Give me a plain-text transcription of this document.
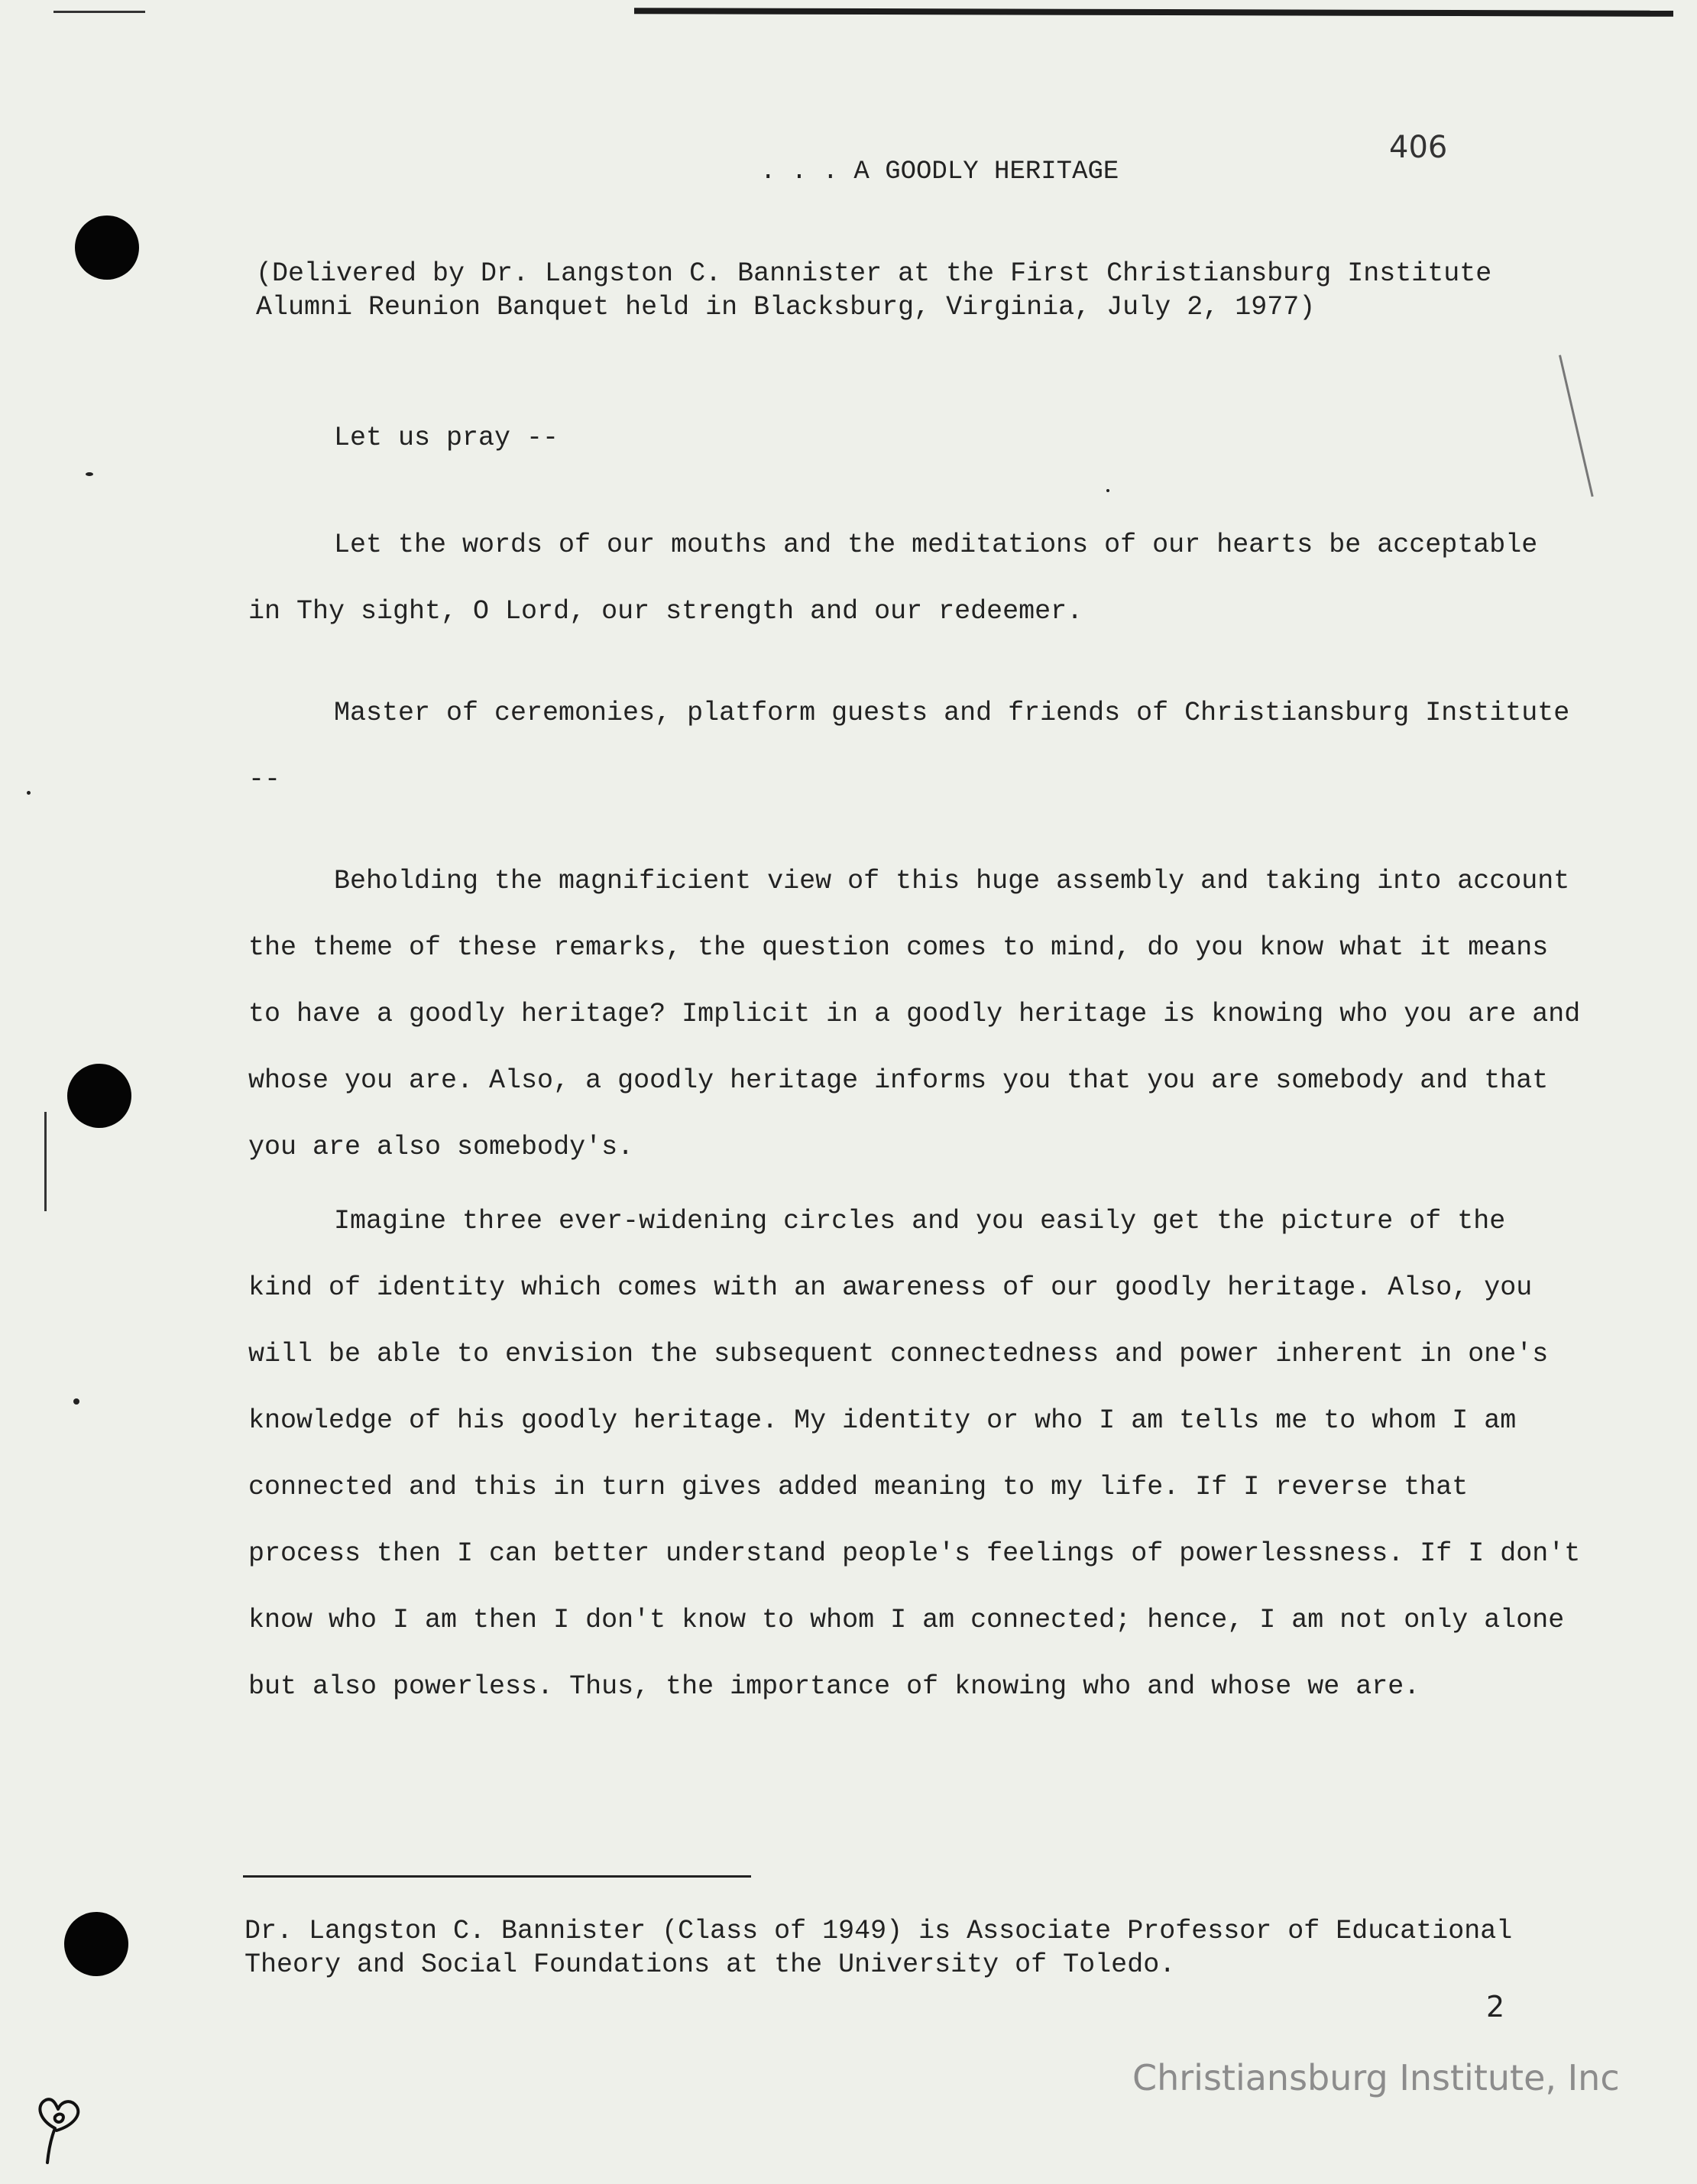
406

. . . A GOODLY HERITAGE

(Delivered by Dr. Langston C. Bannister at the First Christiansburg Institute Alumni Reunion Banquet held in Blacksburg, Virginia, July 2, 1977)

Let us pray --

Let the words of our mouths and the meditations of our hearts be acceptable in Thy sight, O Lord, our strength and our redeemer.

Master of ceremonies, platform guests and friends of Christiansburg Institute --

Beholding the magnificient view of this huge assembly and taking into account the theme of these remarks, the question comes to mind, do you know what it means to have a goodly heritage? Implicit in a goodly heritage is knowing who you are and whose you are. Also, a goodly heritage informs you that you are somebody and that you are also somebody's.

Imagine three ever-widening circles and you easily get the picture of the kind of identity which comes with an awareness of our goodly heritage. Also, you will be able to envision the subsequent connectedness and power inherent in one's knowledge of his goodly heritage. My identity or who I am tells me to whom I am connected and this in turn gives added meaning to my life. If I reverse that process then I can better understand people's feelings of powerlessness. If I don't know who I am then I don't know to whom I am connected; hence, I am not only alone but also powerless. Thus, the importance of knowing who and whose we are.

Dr. Langston C. Bannister (Class of 1949) is Associate Professor of Educational Theory and Social Foundations at the University of Toledo.

2

Christiansburg Institute, Inc
